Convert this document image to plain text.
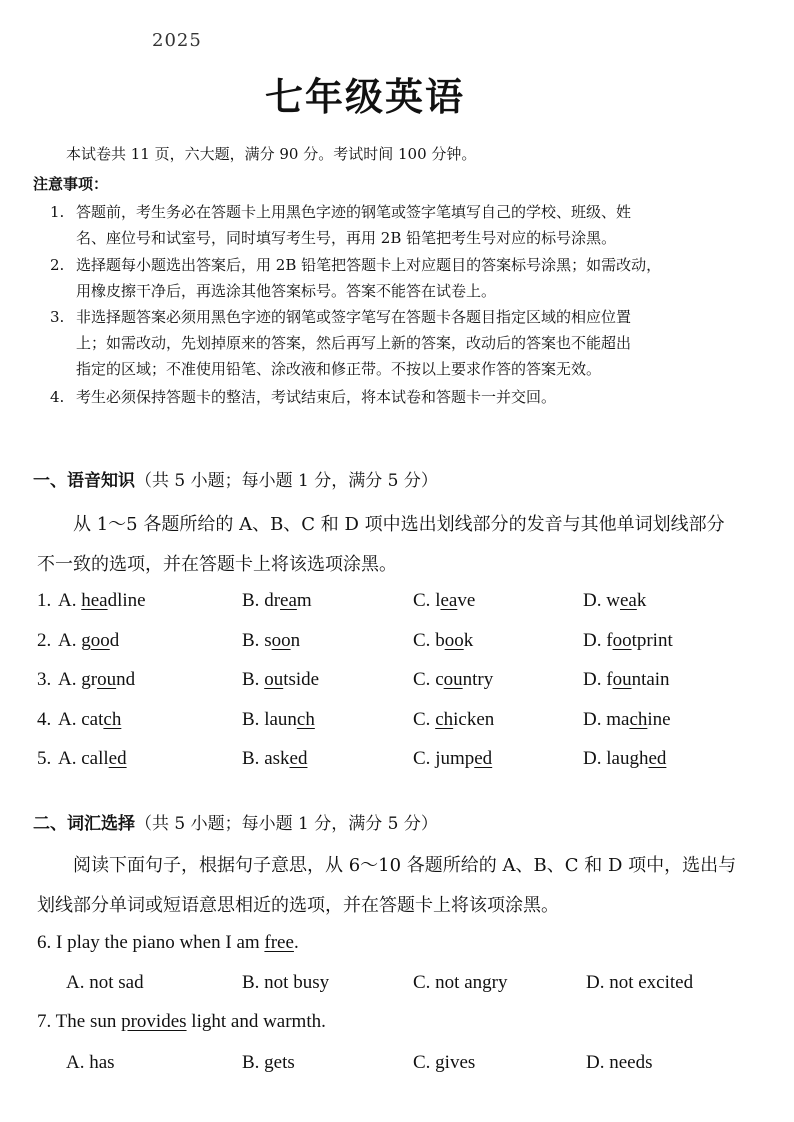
2025
七年级英语
本试卷共 11 页，六大题，满分 90 分。考试时间 100 分钟。
注意事项：
1. 答题前，考生务必在答题卡上用黑色字迹的钢笔或签字笔填写自己的学校、班级、姓
名、座位号和试室号，同时填写考生号，再用 2B 铅笔把考生号对应的标号涂黑。
2. 选择题每小题选出答案后，用 2B 铅笔把答题卡上对应题目的答案标号涂黑；如需改动，
用橡皮擦干净后，再选涂其他答案标号。答案不能答在试卷上。
3. 非选择题答案必须用黑色字迹的钢笔或签字笔写在答题卡各题目指定区域的相应位置
上；如需改动，先划掉原来的答案，然后再写上新的答案，改动后的答案也不能超出
指定的区域；不准使用铅笔、涂改液和修正带。不按以上要求作答的答案无效。
4. 考生必须保持答题卡的整洁，考试结束后，将本试卷和答题卡一并交回。
一、语音知识（共 5 小题；每小题 1 分，满分 5 分）
从 1～5 各题所给的 A、B、C 和 D 项中选出划线部分的发音与其他单词划线部分不一致的选项，并在答题卡上将该选项涂黑。
1. A. headline	B. dream	C. leave	D. weak
2. A. good	B. soon	C. book	D. footprint
3. A. ground	B. outside	C. country	D. fountain
4. A. catch	B. launch	C. chicken	D. machine
5. A. called	B. asked	C. jumped	D. laughed
二、词汇选择（共 5 小题；每小题 1 分，满分 5 分）
阅读下面句子，根据句子意思，从 6～10 各题所给的 A、B、C 和 D 项中，选出与划线部分单词或短语意思相近的选项，并在答题卡上将该项涂黑。
6. I play the piano when I am free.
A. not sad	B. not busy	C. not angry	D. not excited
7. The sun provides light and warmth.
A. has	B. gets	C. gives	D. needs
